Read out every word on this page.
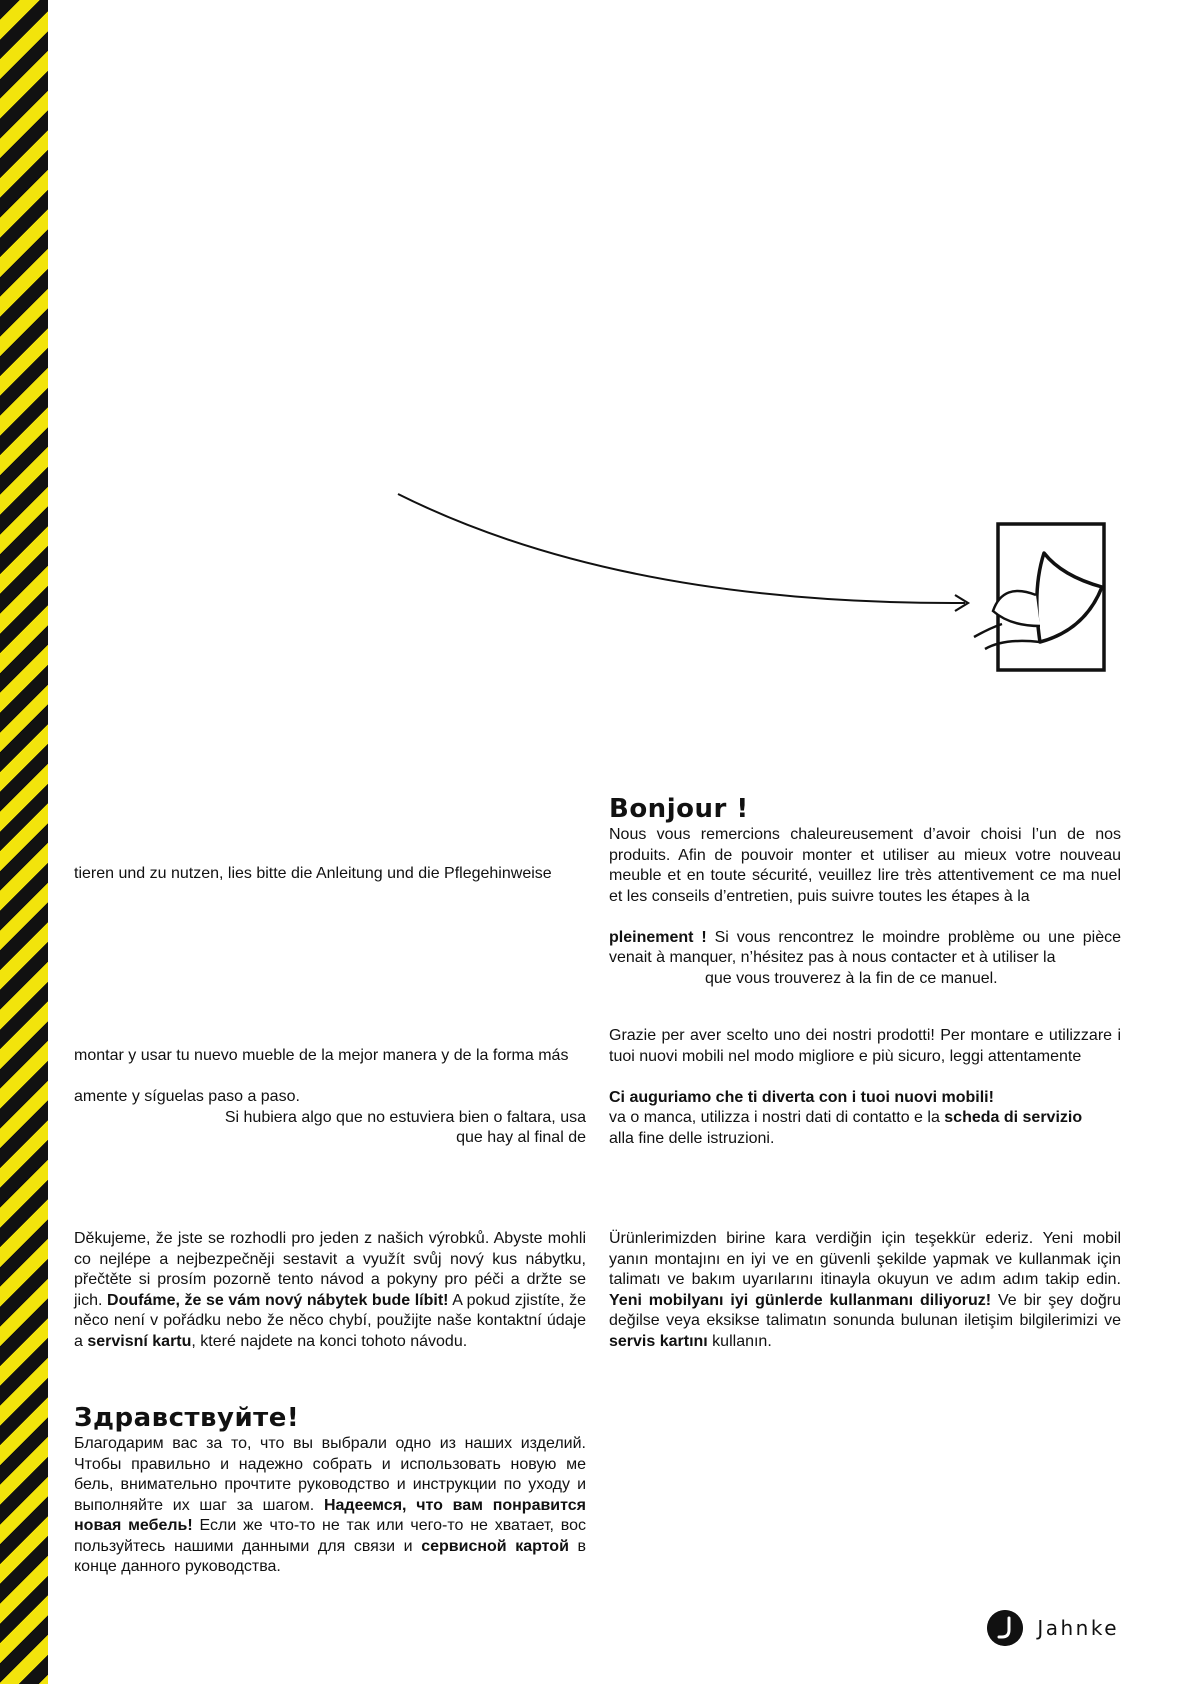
tieren und zu nutzen, lies bitte die Anleitung und die Pflegehinweise

Bonjour !

Nous vous remercions chaleureusement d’avoir choisi l’un de nos produits. Afin de pouvoir monter et utiliser au mieux votre nouveau meuble et en toute sécurité, veuillez lire très attentivement ce ma nuel et les conseils d’entretien, puis suivre toutes les étapes à la

pleinement ! Si vous rencontrez le moindre problème ou une pièce venait à manquer, n’hésitez pas à nous contacter et à utiliser la

que vous trouverez à la fin de ce manuel.

montar y usar tu nuevo mueble de la mejor manera y de la forma más

amente y síguelas paso a paso.

Si hubiera algo que no estuviera bien o faltara, usa

que hay al final de

Grazie per aver scelto uno dei nostri prodotti! Per montare e utilizzare i tuoi nuovi mobili nel modo migliore e più sicuro, leggi attentamente

Ci auguriamo che ti diverta con i tuoi nuovi mobili!

va o manca, utilizza i nostri dati di contatto e la scheda di servizio

alla fine delle istruzioni.

Děkujeme, že jste se rozhodli pro jeden z našich výrobků. Abyste mohli co nejlépe a nejbezpečněji sestavit a využít svůj nový kus nábytku, přečtěte si prosím pozorně tento návod a pokyny pro péči a držte se jich. Doufáme, že se vám nový nábytek bude líbit! A pokud zjistíte, že něco není v pořádku nebo že něco chybí, použijte naše kontaktní údaje a servisní kartu, které najdete na konci tohoto návodu.

Ürünlerimizden birine kara verdiğin için teşekkür ederiz. Yeni mobil yanın montajını en iyi ve en güvenli şekilde yapmak ve kullanmak için talimatı ve bakım uyarılarını itinayla okuyun ve adım adım takip edin. Yeni mobilyanı iyi günlerde kullanmanı diliyoruz! Ve bir şey doğru değilse veya eksikse talimatın sonunda bulunan iletişim bilgilerimizi ve servis kartını kullanın.

Здравствуйте!

Благодарим вас за то, что вы выбрали одно из наших изделий. Чтобы правильно и надежно собрать и использовать новую ме бель, внимательно прочтите руководство и инструкции по уходу и выполняйте их шаг за шагом. Надеемся, что вам понравится новая мебель! Если же что-то не так или чего-то не хватает, вос пользуйтесь нашими данными для связи и сервисной картой в конце данного руководства.

Jahnke
